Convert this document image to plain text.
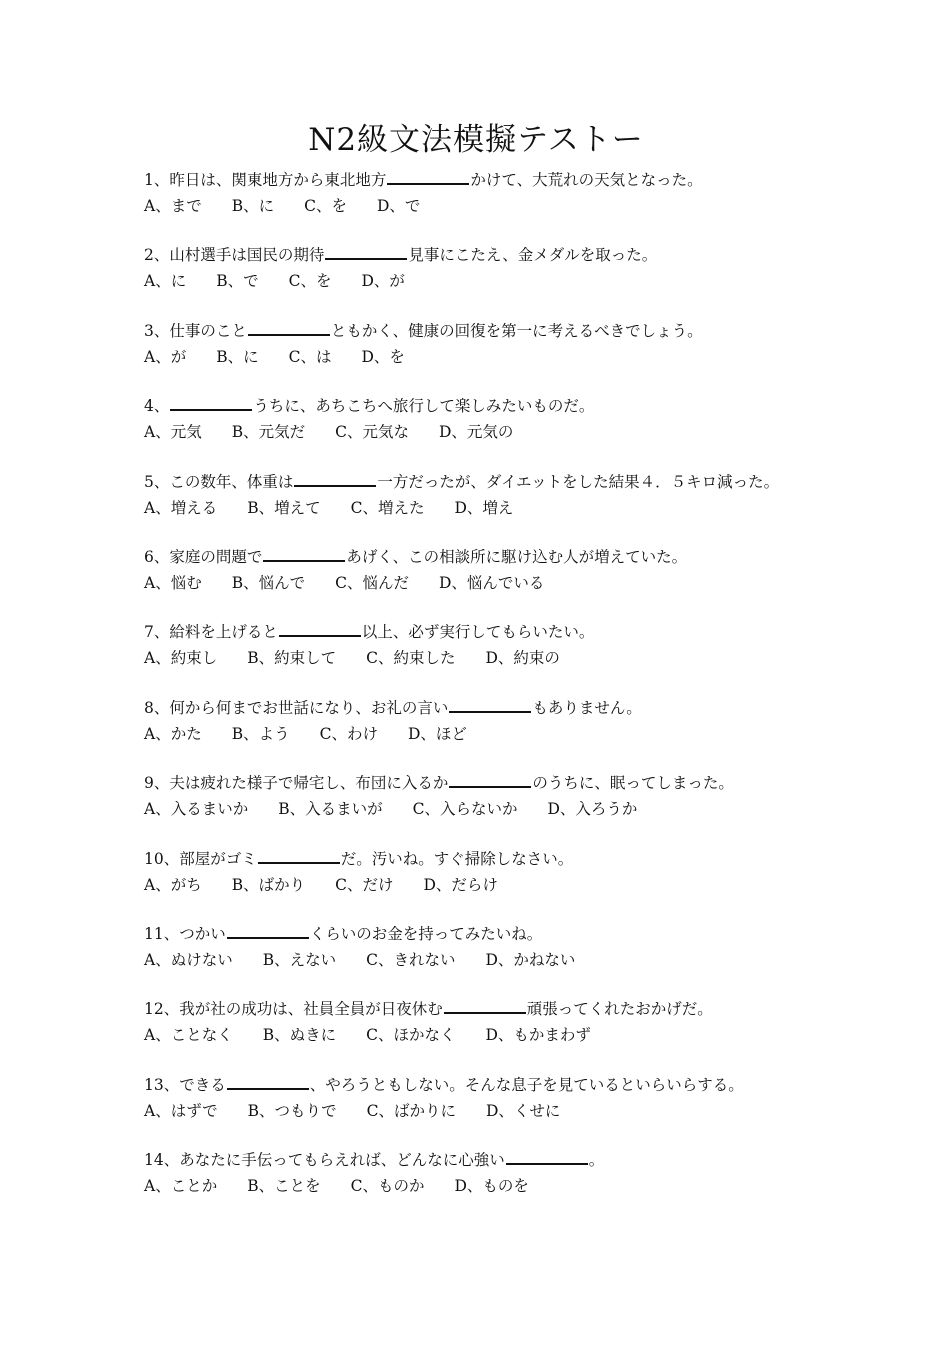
N2級文法模擬テストー
1、昨日は、関東地方から東北地方	かけて、大荒れの天気となった。
A、まで B、に C、を D、で
2、山村選手は国民の期待	見事にこたえ、金メダルを取った。
A、に B、で C、を D、が
3、仕事のこと	ともかく、健康の回復を第一に考えるべきでしょう。
A、が B、に C、は D、を
4、	うちに、あちこちへ旅行して楽しみたいものだ。
A、元気 B、元気だ C、元気な D、元気の
5、この数年、体重は	一方だったが、ダイエットをした結果４．５キロ減った。
A、増える B、増えて C、増えた D、増え
6、家庭の問題で	あげく、この相談所に駆け込む人が増えていた。
A、悩む B、悩んで C、悩んだ D、悩んでいる
7、給料を上げると	以上、必ず実行してもらいたい。
A、約束し B、約束して C、約束した D、約束の
8、何から何までお世話になり、お礼の言い	もありません。
A、かた B、よう C、わけ D、ほど
9、夫は疲れた様子で帰宅し、布団に入るか	のうちに、眠ってしまった。
A、入るまいか B、入るまいが C、入らないか D、入ろうか
10、部屋がゴミ	だ。汚いね。すぐ掃除しなさい。
A、がち B、ばかり C、だけ D、だらけ
11、つかい	くらいのお金を持ってみたいね。
A、ぬけない B、えない C、きれない D、かねない
12、我が社の成功は、社員全員が日夜休む	頑張ってくれたおかげだ。
A、ことなく B、ぬきに C、ほかなく D、もかまわず
13、できる	、やろうともしない。そんな息子を見ているといらいらする。
A、はずで B、つもりで C、ばかりに D、くせに
14、あなたに手伝ってもらえれば、どんなに心強い	。
A、ことか B、ことを C、ものか D、ものを
